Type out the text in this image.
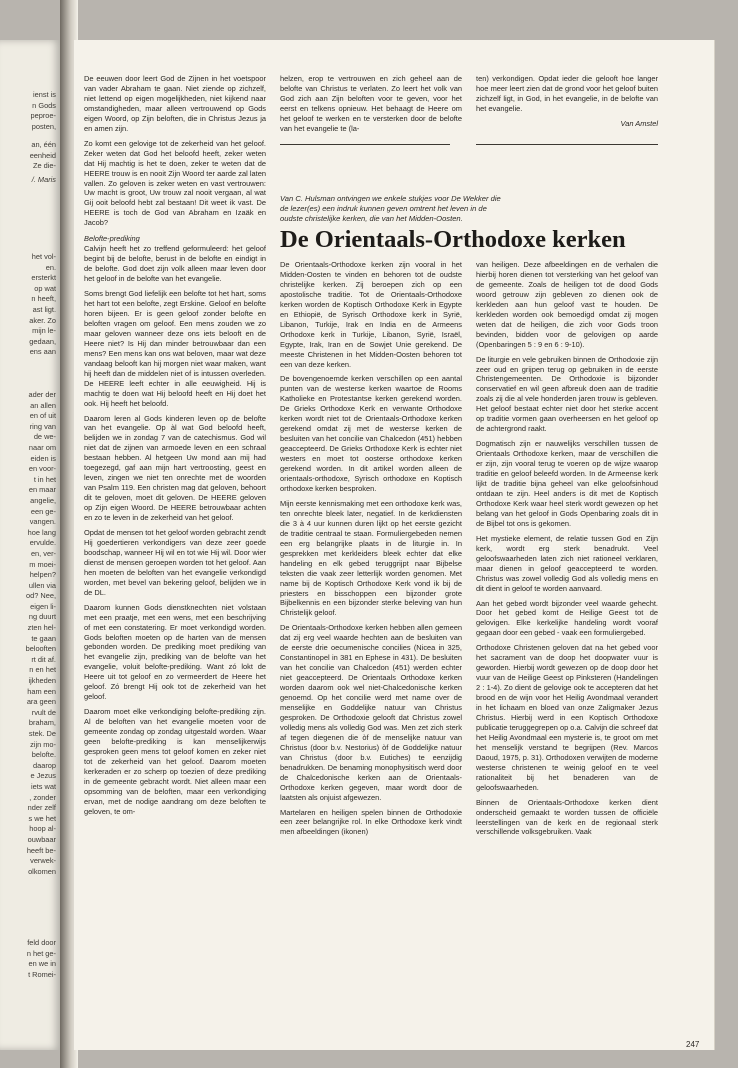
ienst is
n Gods
peproe-
posten,
an, één
eenheid
Ze die-
/. Maris
het vol-
en.
ersterkt
op wat
n heeft,
ast ligt.
aker. Zo
mijn le-
gedaan,
ens aan
ader der
an allen
en of uit
ring van
de we-
naar om
eiden is
en voor-
t in het
en maar
angelie,
een ge-
vangen.
hoe lang
ervulde.
en, ver-
m moei-
helpen?
ullen via
od? Nee,
eigen li-
ng duurt
zten hel-
te gaan
belooften
rt dit af.
n en het
ijkheden
ham een
ara geen
rvult de
braham,
stek. De
zijn mo-
belofte.
daarop
e Jezus
iets wat
, zonder
nder zelf
s we het
hoop al-
ouwbaar
heeft be-
verwek-
olkomen
feld door
n het ge-
en we in
t Romei-

De eeuwen door leert God de Zijnen in het voetspoor van vader Abraham te gaan. Niet ziende op zichzelf, niet lettend op eigen mogelijkheden, niet kijkend naar omstandigheden, maar alleen vertrouwend op Gods eigen Woord, op Zijn beloften, die in Christus Jezus ja en amen zijn.

Zo komt een gelovige tot de zekerheid van het geloof. Zeker weten dat God het beloofd heeft, zeker weten dat Hij machtig is het te doen, zeker te weten dat de HEERE trouw is en nooit Zijn Woord ter aarde zal laten vallen. Zo geloven is zeker weten en vast vertrouwen: Uw macht is groot, Uw trouw zal nooit vergaan, al wat Gij ooit beloofd hebt zal bestaan! Dit weet ik vast. De HEERE is toch de God van Abraham en Izaäk en Jacob?

Belofte-prediking

Calvijn heeft het zo treffend geformuleerd: het geloof begint bij de belofte, berust in de belofte en eindigt in de belofte. God doet zijn volk alleen maar leven door het geloof in de belofte van het evangelie.

Soms brengt God liefelijk een belofte tot het hart, soms het hart tot een belofte, zegt Erskine. Geloof en belofte horen bijeen. Er is geen geloof zonder belofte en beloften vragen om geloof. Een mens zouden we zo maar geloven wanneer deze ons iets belooft en de Heere niet? Is Hij dan minder betrouwbaar dan een mens? Een mens kan ons wat beloven, maar wat deze vandaag belooft kan hij morgen niet waar maken, want hij heeft dan de middelen niet of is intussen overleden. De HEERE leeft echter in alle eeuwigheid. Hij is machtig te doen wat Hij beloofd heeft en Hij doet het ook. Hij heeft het beloofd.

Daarom leren al Gods kinderen leven op de belofte van het evangelie. Op àl wat God beloofd heeft, belijden we in zondag 7 van de catechismus. God wil niet dat de zijnen van armoede leven en een schraal bestaan hebben. Al hetgeen Uw mond aan mij had toegezegd, gaf aan mijn hart vertroosting, geest en leven, zingen we niet ten onrechte met de woorden van Psalm 119. Een christen mag dat geloven, behoort dit te geloven, moet dit geloven. De HEERE geloven op Zijn eigen Woord. De HEERE betrouwbaar achten en zo te leven in de zekerheid van het geloof.

Opdat de mensen tot het geloof worden gebracht zendt Hij goedertieren verkondigers van deze zeer goede boodschap, wanneer Hij wil en tot wie Hij wil. Door wier dienst de mensen geroepen worden tot het geloof. Aan hen moeten de beloften van het evangelie verkondigd worden, met bevel van bekering geloof, belijden we in de DL.

Daarom kunnen Gods dienstknechten niet volstaan met een praatje, met een wens, met een beschrijving of met een constatering. Er moet verkondigd worden. Gods beloften moeten op de harten van de mensen gebonden worden. De prediking moet prediking van het evangelie zijn, prediking van de belofte van het evangelie, voluit belofte-prediking. Want zó lokt de Heere uit tot geloof en zo vermeerdert de Heere het geloof. Zó brengt Hij ook tot de zekerheid van het geloof.

Daarom moet elke verkondiging belofte-prediking zijn. Al de beloften van het evangelie moeten voor de gemeente zondag op zondag uitgestald worden. Waar geen belofte-prediking is kan menselijkerwijs gesproken geen mens tot geloof komen en zeker niet tot de zekerheid van het geloof. Daarom moeten kerkeraden er zo scherp op toezien of deze prediking in de gemeente gebracht wordt. Niet alleen maar een opsomming van de beloften, maar een verkondiging ervan, met de nodige aandrang om deze beloften te geloven, te om-

helzen, erop te vertrouwen en zich geheel aan de belofte van Christus te verlaten. Zo leert het volk van God zich aan Zijn beloften voor te geven, voor het eerst en telkens opnieuw. Het behaagt de Heere om het geloof te werken en te versterken door de belofte van het evangelie te (la-

ten) verkondigen. Opdat ieder die gelooft hoe langer hoe meer leert zien dat de grond voor het geloof buiten zichzelf ligt, in God, in het evangelie, in de belofte van het evangelie.

Van Amstel

Van C. Hulsman ontvingen we enkele stukjes voor De Wekker die de lezer(es) een indruk kunnen geven omtrent het leven in de oudste christelijke kerken, die van het Midden-Oosten.
De Orientaals-Orthodoxe kerken

De Orientaals-Orthodoxe kerken zijn vooral in het Midden-Oosten te vinden en behoren tot de oudste christelijke kerken. Zij beroepen zich op een apostolische traditie. Tot de Orientaals-Orthodoxe kerken worden de Koptisch Orthodoxe Kerk in Egypte en Ethiopië, de Syrisch Orthodoxe kerk in Syrië, Libanon, Turkije, Irak en India en de Armeens Orthodoxe kerk in Turkije, Libanon, Syrië, Israël, Egypte, Irak, Iran en de Sowjet Unie gerekend. De meeste Christenen in het Midden-Oosten behoren tot een van deze kerken.

De bovengenoemde kerken verschillen op een aantal punten van de westerse kerken waartoe de Rooms Katholieke en Protestantse kerken gerekend worden. De Grieks Orthodoxe Kerk en verwante Orthodoxe kerken wordt niet tot de Orientaals-Orthodoxe kerken gerekend omdat zij met de westerse kerken de besluiten van het concilie van Chalcedon (451) hebben geaccepteerd. De Grieks Orthodoxe Kerk is echter niet westers en moet tot oosterse orthodoxe kerken gerekend worden. In dit artikel worden alleen de orientaals-orthodoxe, Syrisch orthodoxe en Koptisch orthodoxe kerken besproken.

Mijn eerste kennismaking met een orthodoxe kerk was, ten onrechte bleek later, negatief. In de kerkdiensten die 3 à 4 uur kunnen duren lijkt op het eerste gezicht de traditie centraal te staan. Formuliergebeden nemen een erg belangrijke plaats in de liturgie in. In gesprekken met kerkleiders bleek echter dat elke handeling en elk gebed teruggrijpt naar Bijbelse teksten die vaak zeer letterlijk worden genomen. Met name bij de Koptisch Orthodoxe Kerk vond ik bij de priesters en bisschoppen een bijzonder grote Bijbelkennis en een bijzonder sterke beleving van hun Christelijk geloof.

De Orientaals-Orthodoxe kerken hebben allen gemeen dat zij erg veel waarde hechten aan de besluiten van de eerste drie oecumenische concilies (Nicea in 325, Constantinopel in 381 en Ephese in 431). De besluiten van het concilie van Chalcedon (451) werden echter niet geaccepteerd. De Orientaals Orthodoxe kerken worden daarom ook wel niet-Chalcedonische kerken genoemd. Op het concilie werd met name over de menselijke en Goddelijke natuur van Christus gesproken. De Orthodoxie gelooft dat Christus zowel volledig mens als volledig God was. Men zet zich sterk af tegen diegenen die òf de menselijke natuur van Christus (door b.v. Nestorius) òf de Goddelijke natuur van Christus (door b.v. Eutiches) te eenzijdig benadrukken. De benaming monophysitisch werd door de Chalcedonische kerken aan de Orientaals-Orthodoxe kerken gegeven, maar wordt door de laatsten als onjuist afgewezen.

Martelaren en heiligen spelen binnen de Orthodoxie een zeer belangrijke rol. In elke Orthodoxe kerk vindt men afbeeldingen (ikonen)

van heiligen. Deze afbeeldingen en de verhalen die hierbij horen dienen tot versterking van het geloof van de gemeente. Zoals de heiligen tot de dood Gods woord getrouw zijn gebleven zo dienen ook de kerkleden aan hun geloof vast te houden. De kerkleden worden ook bemoedigd omdat zij mogen weten dat de heiligen, die zich voor Gods troon bevinden, bidden voor de gelovigen op aarde (Openbaringen 5 : 9 en 6 : 9-10).

De liturgie en vele gebruiken binnen de Orthodoxie zijn zeer oud en grijpen terug op gebruiken in de eerste Christengemeenten. De Orthodoxie is bijzonder conservatief en wil geen afbreuk doen aan de traditie zoals zij die al vele honderden jaren trouw is gebleven. Het geloof bestaat echter niet door het sterke accent op traditie vormen gaan overheersen en het geloof op de achtergrond raakt.

Dogmatisch zijn er nauwelijks verschillen tussen de Orientaals Orthodoxe kerken, maar de verschillen die er zijn, zijn vooral terug te voeren op de wijze waarop traditie en geloof beleefd worden. In de Armeense kerk lijkt de traditie bijna geheel van elke geloofsinhoud ontdaan te zijn. Heel anders is dit met de Koptisch Orthodoxe Kerk waar heel sterk wordt gewezen op het belang van het geloof in Gods Openbaring zoals dit in de Bijbel tot ons is gekomen.

Het mystieke element, de relatie tussen God en Zijn kerk, wordt erg sterk benadrukt. Veel geloofswaarheden laten zich niet rationeel verklaren, maar dienen in geloof geaccepteerd te worden. Christus was zowel volledig God als volledig mens en dit dient in geloof te worden aanvaard.

Aan het gebed wordt bijzonder veel waarde gehecht. Door het gebed komt de Heilige Geest tot de gelovigen. Elke kerkelijke handeling wordt vooraf gegaan door een gebed - vaak een formuliergebed.

Orthodoxe Christenen geloven dat na het gebed voor het sacrament van de doop het doopwater vuur is geworden. Hierbij wordt gewezen op de doop door het vuur van de Heilige Geest op Pinksteren (Handelingen 2 : 1-4). Zo dient de gelovige ook te accepteren dat het brood en de wijn voor het Heilig Avondmaal verandert in het lichaam en bloed van onze Zaligmaker Jezus Christus. Hierbij werd in een Koptisch Orthodoxe publicatie teruggegrepen op o.a. Calvijn die schreef dat het Heilig Avondmaal een mysterie is, te groot om met het menselijk verstand te begrijpen (Rev. Marcos Daoud, 1975, p. 31). Orthodoxen verwijten de moderne westerse christenen te weinig geloof en te veel rationaliteit bij het benaderen van de geloofswaarheden.

Binnen de Orientaals-Orthodoxe kerken dient onderscheid gemaakt te worden tussen de officiële leerstellingen van de kerk en de regionaal sterk verschillende volksgebruiken. Vaak

247
